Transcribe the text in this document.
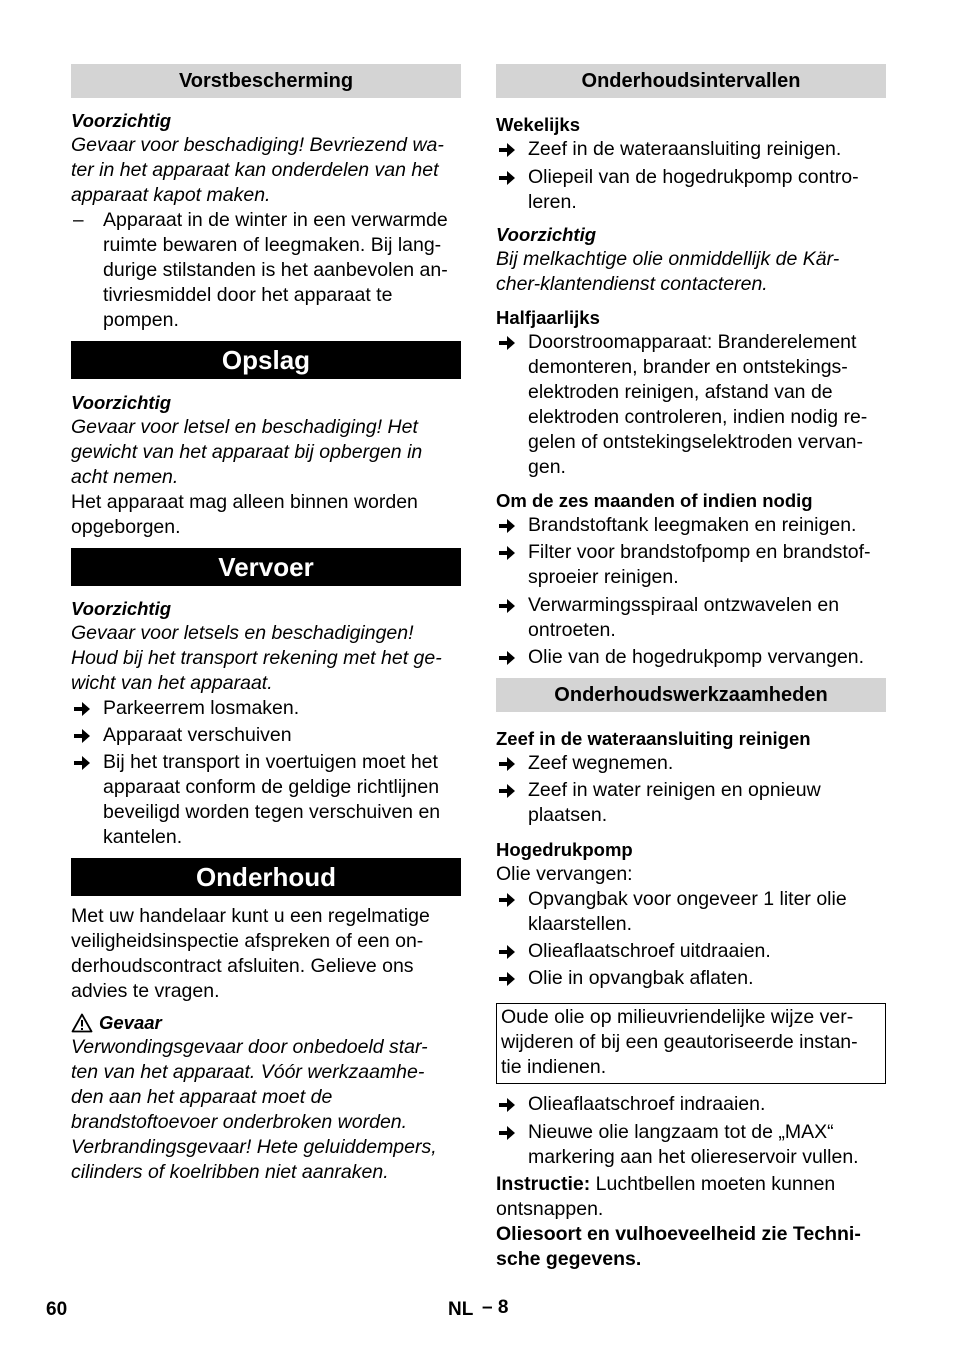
Vorstbescherming
Voorzichtig
Gevaar voor beschadiging! Bevriezend wa-
ter in het apparaat kan onderdelen van het
apparaat kapot maken.
– Apparaat in de winter in een verwarmde
ruimte bewaren of leegmaken. Bij lang-
durige stilstanden is het aanbevolen an-
tivriesmiddel door het apparaat te
pompen.
Opslag
Voorzichtig
Gevaar voor letsel en beschadiging! Het
gewicht van het apparaat bij opbergen in
acht nemen.
Het apparaat mag alleen binnen worden
opgeborgen.
Vervoer
Voorzichtig
Gevaar voor letsels en beschadigingen!
Houd bij het transport rekening met het ge-
wicht van het apparaat.
Parkeerrem losmaken.
Apparaat verschuiven
Bij het transport in voertuigen moet het
apparaat conform de geldige richtlijnen
beveiligd worden tegen verschuiven en
kantelen.
Onderhoud
Met uw handelaar kunt u een regelmatige
veiligheidsinspectie afspreken of een on-
derhoudscontract afsluiten. Gelieve ons
advies te vragen.
Gevaar
Verwondingsgevaar door onbedoeld star-
ten van het apparaat. Vóór werkzaamhe-
den aan het apparaat moet de
brandstoftoevoer onderbroken worden.
Verbrandingsgevaar! Hete geluiddempers,
cilinders of koelribben niet aanraken.
Onderhoudsintervallen
Wekelijks
Zeef in de wateraansluiting reinigen.
Oliepeil van de hogedrukpomp contro-
leren.
Voorzichtig
Bij melkachtige olie onmiddellijk de Kär-
cher-klantendienst contacteren.
Halfjaarlijks
Doorstroomapparaat: Branderelement
demonteren, brander en ontstekings-
elektroden reinigen, afstand van de
elektroden controleren, indien nodig re-
gelen of ontstekingselektroden vervan-
gen.
Om de zes maanden of indien nodig
Brandstoftank leegmaken en reinigen.
Filter voor brandstofpomp en brandstof-
sproeier reinigen.
Verwarmingsspiraal ontzwavelen en
ontroeten.
Olie van de hogedrukpomp vervangen.
Onderhoudswerkzaamheden
Zeef in de wateraansluiting reinigen
Zeef wegnemen.
Zeef in water reinigen en opnieuw
plaatsen.
Hogedrukpomp
Olie vervangen:
Opvangbak voor ongeveer 1 liter olie
klaarstellen.
Olieaflaatschroef uitdraaien.
Olie in opvangbak aflaten.
Oude olie op milieuvriendelijke wijze ver-
wijderen of bij een geautoriseerde instan-
tie indienen.
Olieaflaatschroef indraaien.
Nieuwe olie langzaam tot de „MAX“
markering aan het oliereservoir vullen.
Instructie: Luchtbellen moeten kunnen
ontsnappen.
Oliesoort en vulhoeveelheid zie Techni-
sche gegevens.
60	NL – 8
